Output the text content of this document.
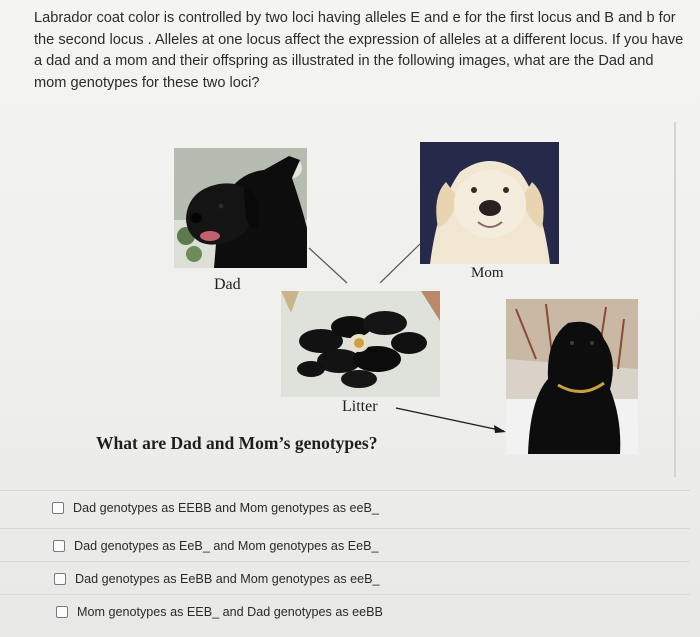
Labrador coat color is controlled by two loci having alleles E and e for the first locus and B and b for the second locus . Alleles at one locus affect the expression of alleles at a different locus. If you have a dad and a mom and their offspring as illustrated in the following images, what are the Dad and mom genotypes for these two loci?
Dad
Mom
Litter
What are Dad and Mom’s genotypes?
Dad genotypes as EEBB and Mom genotypes as eeB_
Dad genotypes as EeB_ and Mom genotypes as EeB_
Dad genotypes as EeBB and Mom genotypes as eeB_
Mom genotypes as EEB_ and Dad genotypes as eeBB
